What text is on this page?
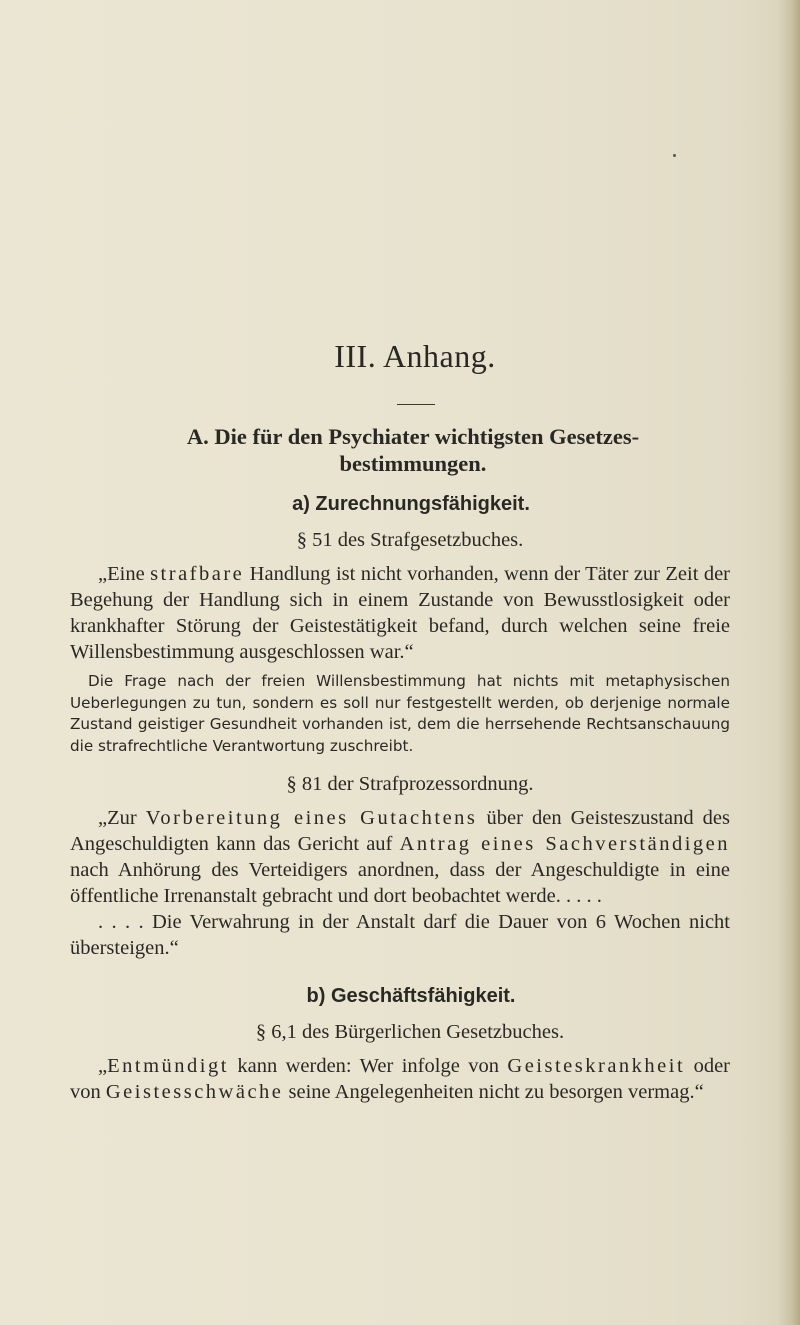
III. Anhang.
A. Die für den Psychiater wichtigsten Gesetzes-
bestimmungen.
a) Zurechnungsfähigkeit.
§ 51 des Strafgesetzbuches.

„Eine strafbare Handlung ist nicht vorhanden, wenn der Täter zur Zeit der Begehung der Handlung sich in einem Zustande von Bewusstlosigkeit oder krankhafter Störung der Geistestätigkeit befand, durch welchen seine freie Willensbestimmung ausgeschlossen war.“

Die Frage nach der freien Willensbestimmung hat nichts mit metaphysischen Ueberlegungen zu tun, sondern es soll nur festgestellt werden, ob derjenige normale Zustand geistiger Gesundheit vorhanden ist, dem die herrsehende Rechtsanschauung die strafrechtliche Verantwortung zuschreibt.

§ 81 der Strafprozessordnung.

„Zur Vorbereitung eines Gutachtens über den Geisteszustand des Angeschuldigten kann das Gericht auf Antrag eines Sachverständigen nach Anhörung des Verteidigers anordnen, dass der Angeschuldigte in eine öffentliche Irrenanstalt gebracht und dort beobachtet werde. . . . .

. . . . Die Verwahrung in der Anstalt darf die Dauer von 6 Wochen nicht übersteigen.“

b) Geschäftsfähigkeit.
§ 6,1 des Bürgerlichen Gesetzbuches.

„Entmündigt kann werden: Wer infolge von Geisteskrankheit oder von Geistesschwäche seine Angelegenheiten nicht zu besorgen vermag.“
